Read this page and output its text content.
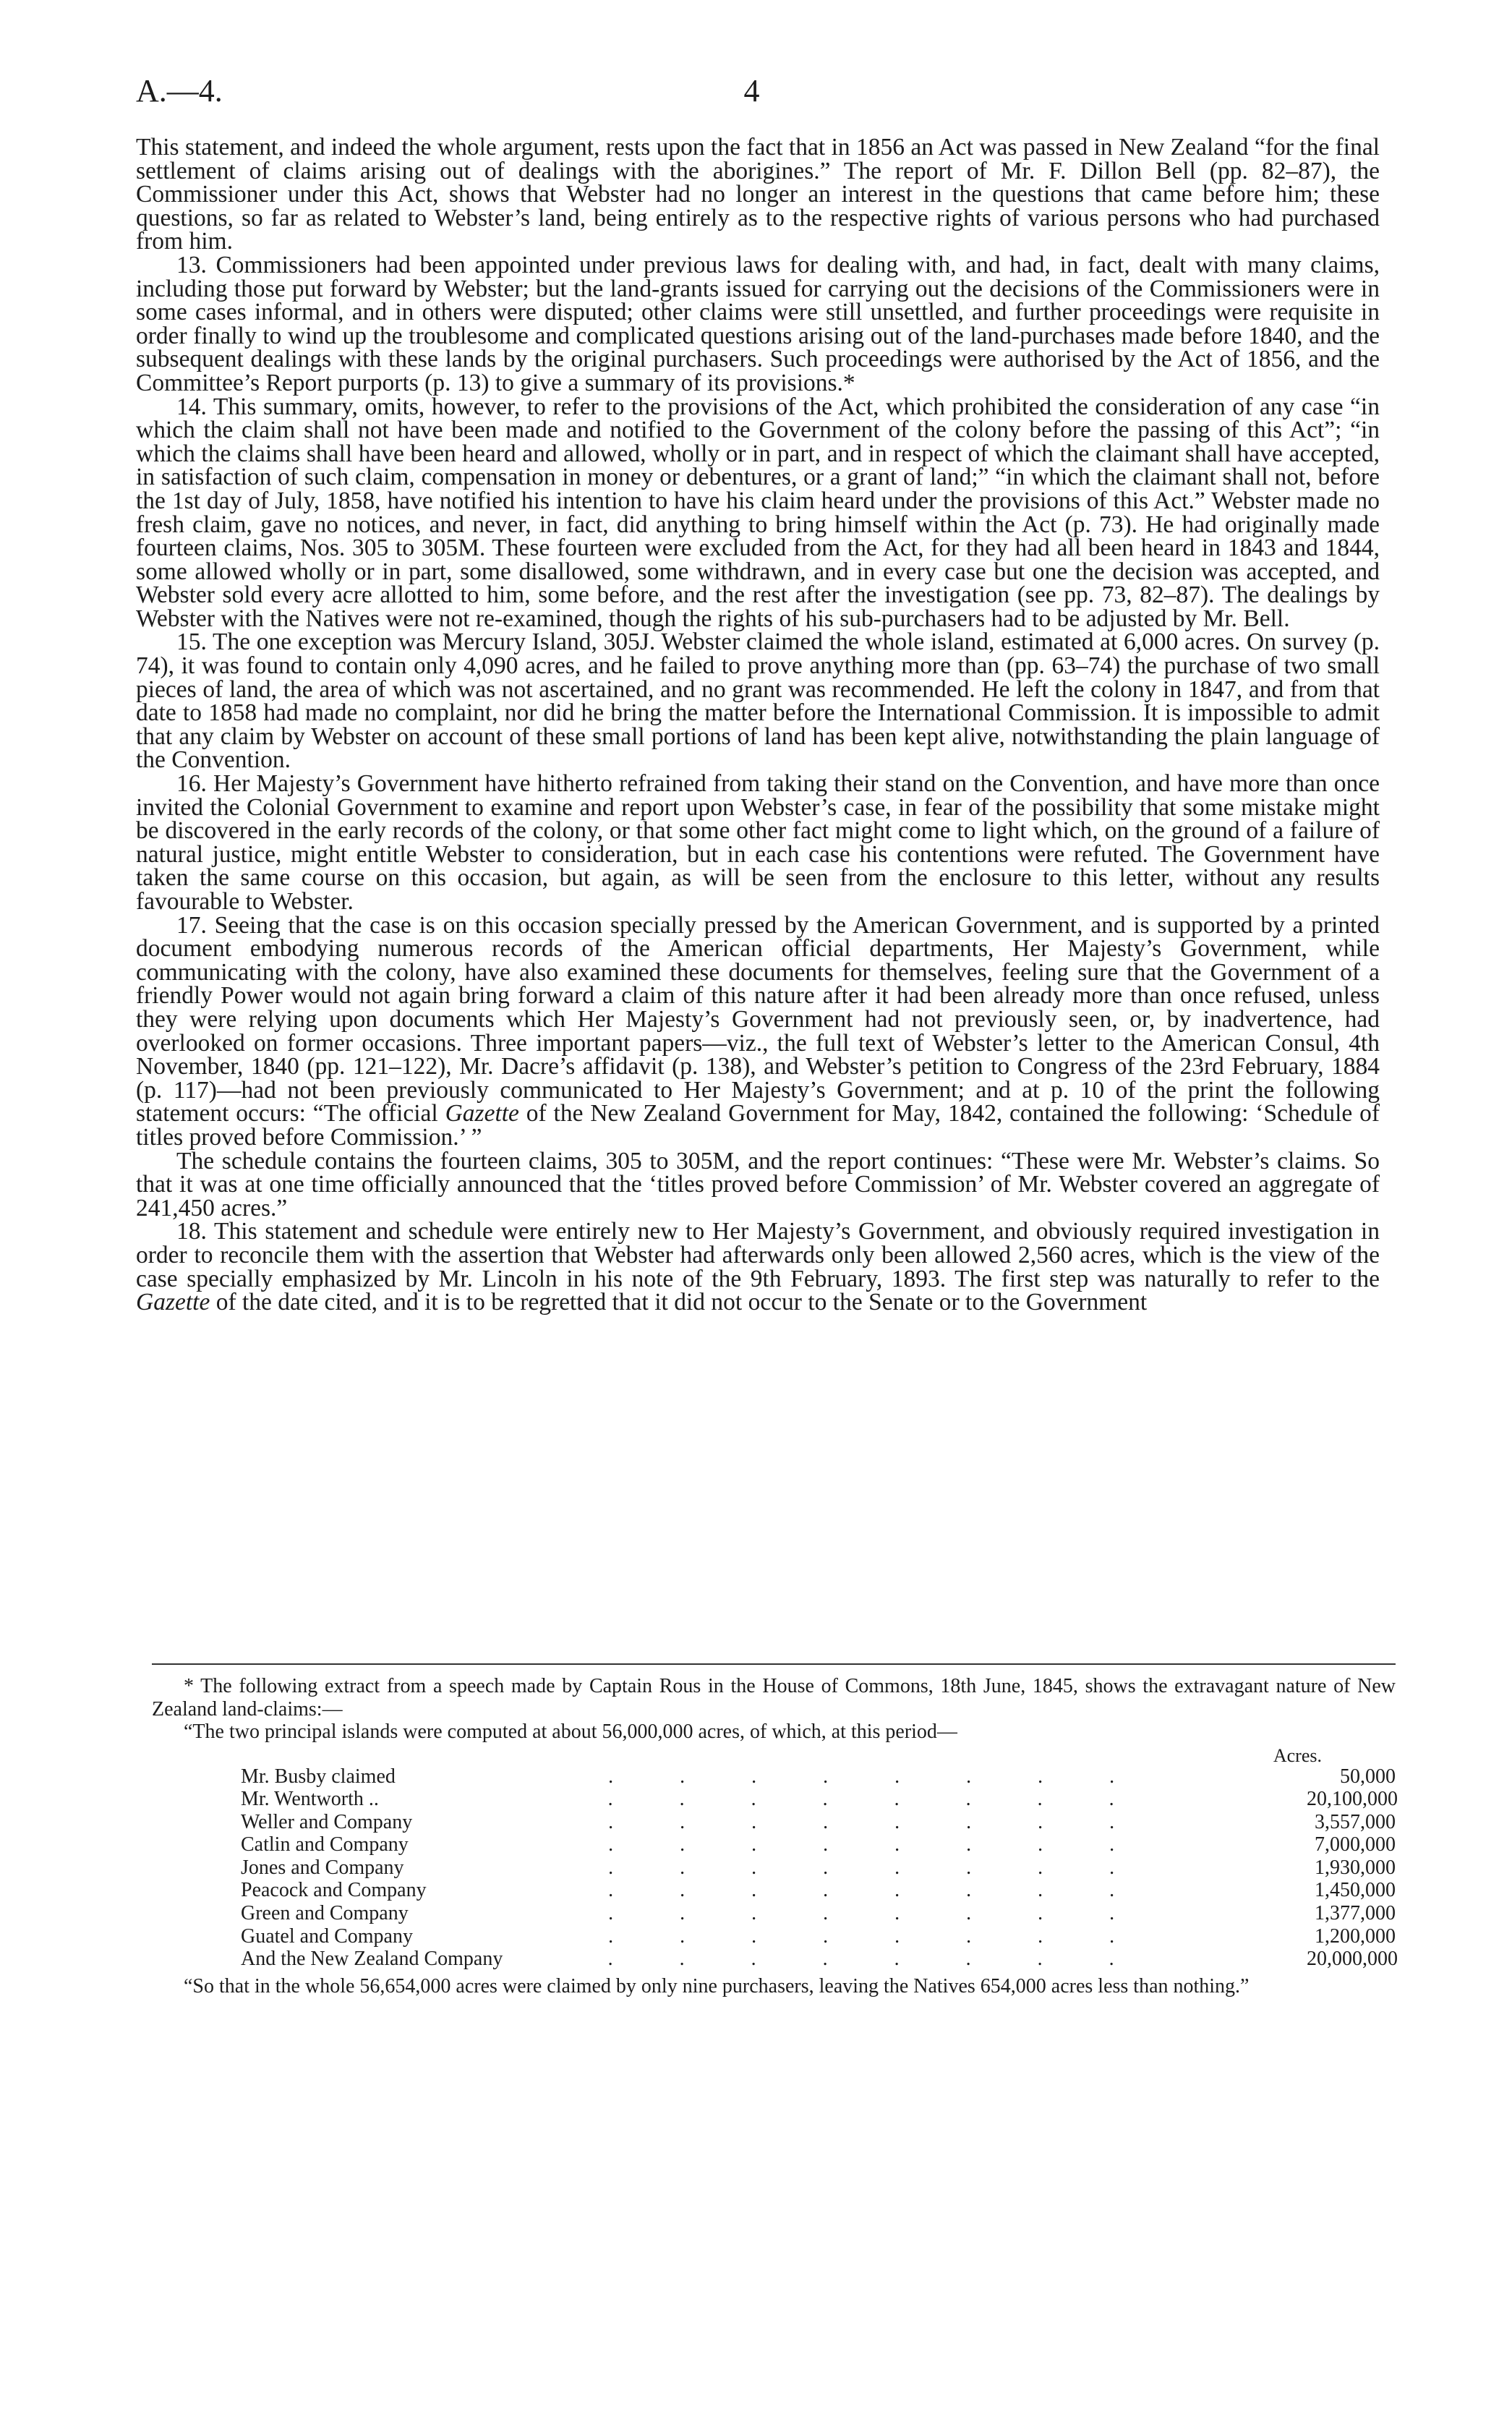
A.—4.	4

This statement, and indeed the whole argument, rests upon the fact that in 1856 an Act was passed in New Zealand “for the final settlement of claims arising out of dealings with the aborigines.” The report of Mr. F. Dillon Bell (pp. 82–87), the Commissioner under this Act, shows that Webster had no longer an interest in the questions that came before him; these questions, so far as related to Webster’s land, being entirely as to the respective rights of various persons who had purchased from him.

13. Commissioners had been appointed under previous laws for dealing with, and had, in fact, dealt with many claims, including those put forward by Webster; but the land-grants issued for carrying out the decisions of the Commissioners were in some cases informal, and in others were disputed; other claims were still unsettled, and further proceedings were requisite in order finally to wind up the troublesome and complicated questions arising out of the land-purchases made before 1840, and the subsequent dealings with these lands by the original purchasers. Such proceedings were authorised by the Act of 1856, and the Committee’s Report purports (p. 13) to give a summary of its provisions.*

14. This summary, omits, however, to refer to the provisions of the Act, which prohibited the consideration of any case “in which the claim shall not have been made and notified to the Government of the colony before the passing of this Act”; “in which the claims shall have been heard and allowed, wholly or in part, and in respect of which the claimant shall have accepted, in satisfaction of such claim, compensation in money or debentures, or a grant of land;” “in which the claimant shall not, before the 1st day of July, 1858, have notified his intention to have his claim heard under the provisions of this Act.” Webster made no fresh claim, gave no notices, and never, in fact, did anything to bring himself within the Act (p. 73). He had originally made fourteen claims, Nos. 305 to 305M. These fourteen were excluded from the Act, for they had all been heard in 1843 and 1844, some allowed wholly or in part, some disallowed, some withdrawn, and in every case but one the decision was accepted, and Webster sold every acre allotted to him, some before, and the rest after the investigation (see pp. 73, 82–87). The dealings by Webster with the Natives were not re-examined, though the rights of his sub-purchasers had to be adjusted by Mr. Bell.

15. The one exception was Mercury Island, 305J. Webster claimed the whole island, estimated at 6,000 acres. On survey (p. 74), it was found to contain only 4,090 acres, and he failed to prove anything more than (pp. 63–74) the purchase of two small pieces of land, the area of which was not ascertained, and no grant was recommended. He left the colony in 1847, and from that date to 1858 had made no complaint, nor did he bring the matter before the International Commission. It is impossible to admit that any claim by Webster on account of these small portions of land has been kept alive, notwithstanding the plain language of the Convention.

16. Her Majesty’s Government have hitherto refrained from taking their stand on the Convention, and have more than once invited the Colonial Government to examine and report upon Webster’s case, in fear of the possibility that some mistake might be discovered in the early records of the colony, or that some other fact might come to light which, on the ground of a failure of natural justice, might entitle Webster to consideration, but in each case his contentions were refuted. The Government have taken the same course on this occasion, but again, as will be seen from the enclosure to this letter, without any results favourable to Webster.

17. Seeing that the case is on this occasion specially pressed by the American Government, and is supported by a printed document embodying numerous records of the American official departments, Her Majesty’s Government, while communicating with the colony, have also examined these documents for themselves, feeling sure that the Government of a friendly Power would not again bring forward a claim of this nature after it had been already more than once refused, unless they were relying upon documents which Her Majesty’s Government had not previously seen, or, by inadvertence, had overlooked on former occasions. Three important papers—viz., the full text of Webster’s letter to the American Consul, 4th November, 1840 (pp. 121–122), Mr. Dacre’s affidavit (p. 138), and Webster’s petition to Congress of the 23rd February, 1884 (p. 117)—had not been previously communicated to Her Majesty’s Government; and at p. 10 of the print the following statement occurs: “The official Gazette of the New Zealand Government for May, 1842, contained the following: ‘Schedule of titles proved before Commission.’ ”

The schedule contains the fourteen claims, 305 to 305M, and the report continues: “These were Mr. Webster’s claims. So that it was at one time officially announced that the ‘titles proved before Commission’ of Mr. Webster covered an aggregate of 241,450 acres.”

18. This statement and schedule were entirely new to Her Majesty’s Government, and obviously required investigation in order to reconcile them with the assertion that Webster had afterwards only been allowed 2,560 acres, which is the view of the case specially emphasized by Mr. Lincoln in his note of the 9th February, 1893. The first step was naturally to refer to the Gazette of the date cited, and it is to be regretted that it did not occur to the Senate or to the Government

* The following extract from a speech made by Captain Rous in the House of Commons, 18th June, 1845, shows the extravagant nature of New Zealand land-claims:—

“The two principal islands were computed at about 56,000,000 acres, of which, at this period—

Acres.
Mr. Busby claimed	........	50,000
Mr. Wentworth ..	........	20,100,000
Weller and Company	........	3,557,000
Catlin and Company	........	7,000,000
Jones and Company	........	1,930,000
Peacock and Company	........	1,450,000
Green and Company	........	1,377,000
Guatel and Company	........	1,200,000
And the New Zealand Company	........	20,000,000

“So that in the whole 56,654,000 acres were claimed by only nine purchasers, leaving the Natives 654,000 acres less than nothing.”
